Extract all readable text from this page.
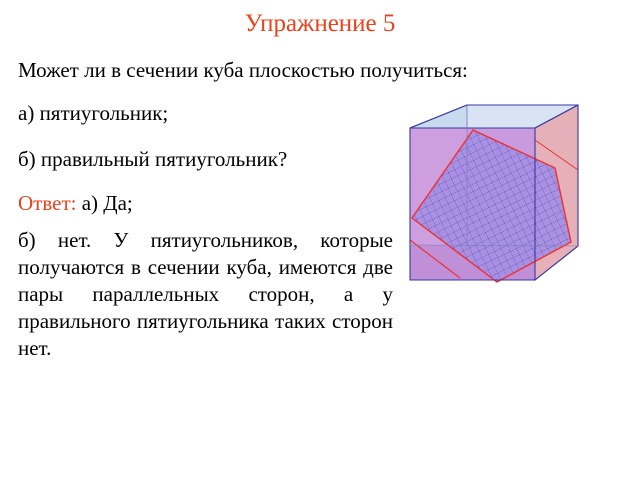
Упражнение 5
Может ли в сечении куба плоскостью получиться:
а) пятиугольник;
б) правильный пятиугольник?
Ответ: а) Да;
б) нет. У пятиугольников, которые получаются в сечении куба, имеются две пары параллельных сторон, а у правильного пятиугольника таких сторон нет.
